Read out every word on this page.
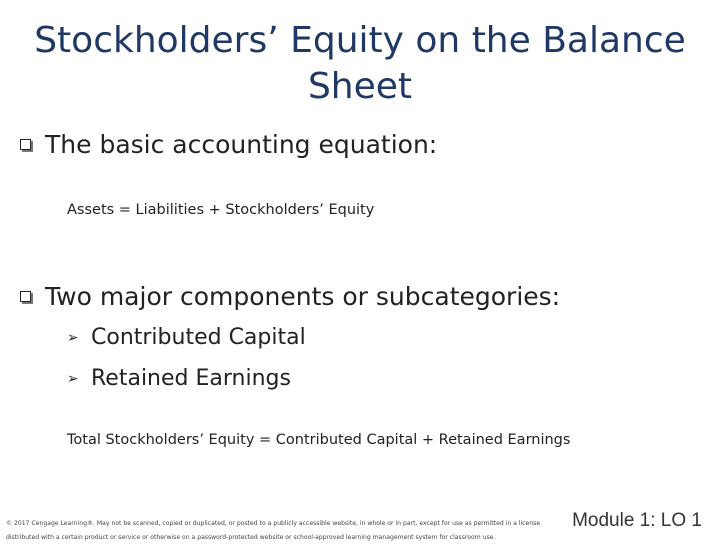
Stockholders’ Equity on the Balance Sheet
The basic accounting equation:
Assets = Liabilities + Stockholders’ Equity
Two major components or subcategories:
➢ Contributed Capital
➢ Retained Earnings
Total Stockholders’ Equity = Contributed Capital + Retained Earnings
© 2017 Cengage Learning®. May not be scanned, copied or duplicated, or posted to a publicly accessible website, in whole or in part, except for use as permitted in a license distributed with a certain product or service or otherwise on a password-protected website or school-approved learning management system for classroom use.
Module 1: LO 1
